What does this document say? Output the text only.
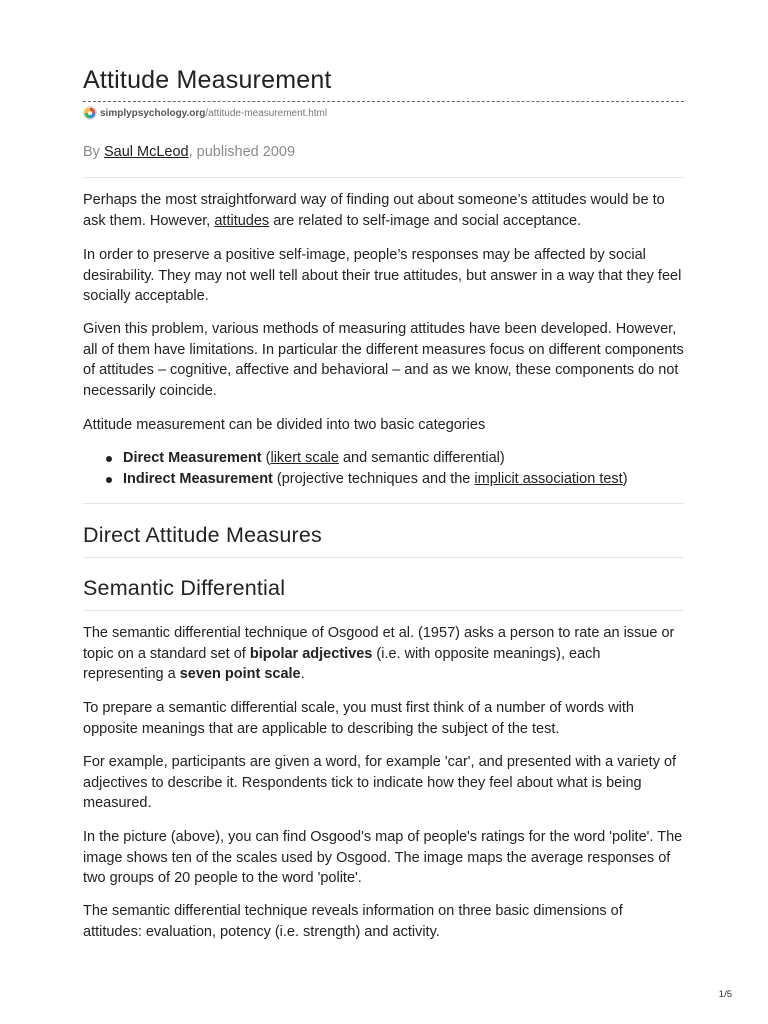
Attitude Measurement
simplypsychology.org /attitude-measurement.html
By Saul McLeod, published 2009

Perhaps the most straightforward way of finding out about someone’s attitudes would be to ask them. However, attitudes are related to self-image and social acceptance.

In order to preserve a positive self-image, people’s responses may be affected by social desirability. They may not well tell about their true attitudes, but answer in a way that they feel socially acceptable.

Given this problem, various methods of measuring attitudes have been developed. However, all of them have limitations. In particular the different measures focus on different components of attitudes – cognitive, affective and behavioral – and as we know, these components do not necessarily coincide.

Attitude measurement can be divided into two basic categories

Direct Measurement (likert scale and semantic differential)
Indirect Measurement (projective techniques and the implicit association test)
Direct Attitude Measures
Semantic Differential

The semantic differential technique of Osgood et al. (1957) asks a person to rate an issue or topic on a standard set of bipolar adjectives (i.e. with opposite meanings), each representing a seven point scale.

To prepare a semantic differential scale, you must first think of a number of words with opposite meanings that are applicable to describing the subject of the test.

For example, participants are given a word, for example 'car', and presented with a variety of adjectives to describe it. Respondents tick to indicate how they feel about what is being measured.

In the picture (above), you can find Osgood's map of people's ratings for the word 'polite'. The image shows ten of the scales used by Osgood. The image maps the average responses of two groups of 20 people to the word 'polite'.

The semantic differential technique reveals information on three basic dimensions of attitudes: evaluation, potency (i.e. strength) and activity.

1/5
